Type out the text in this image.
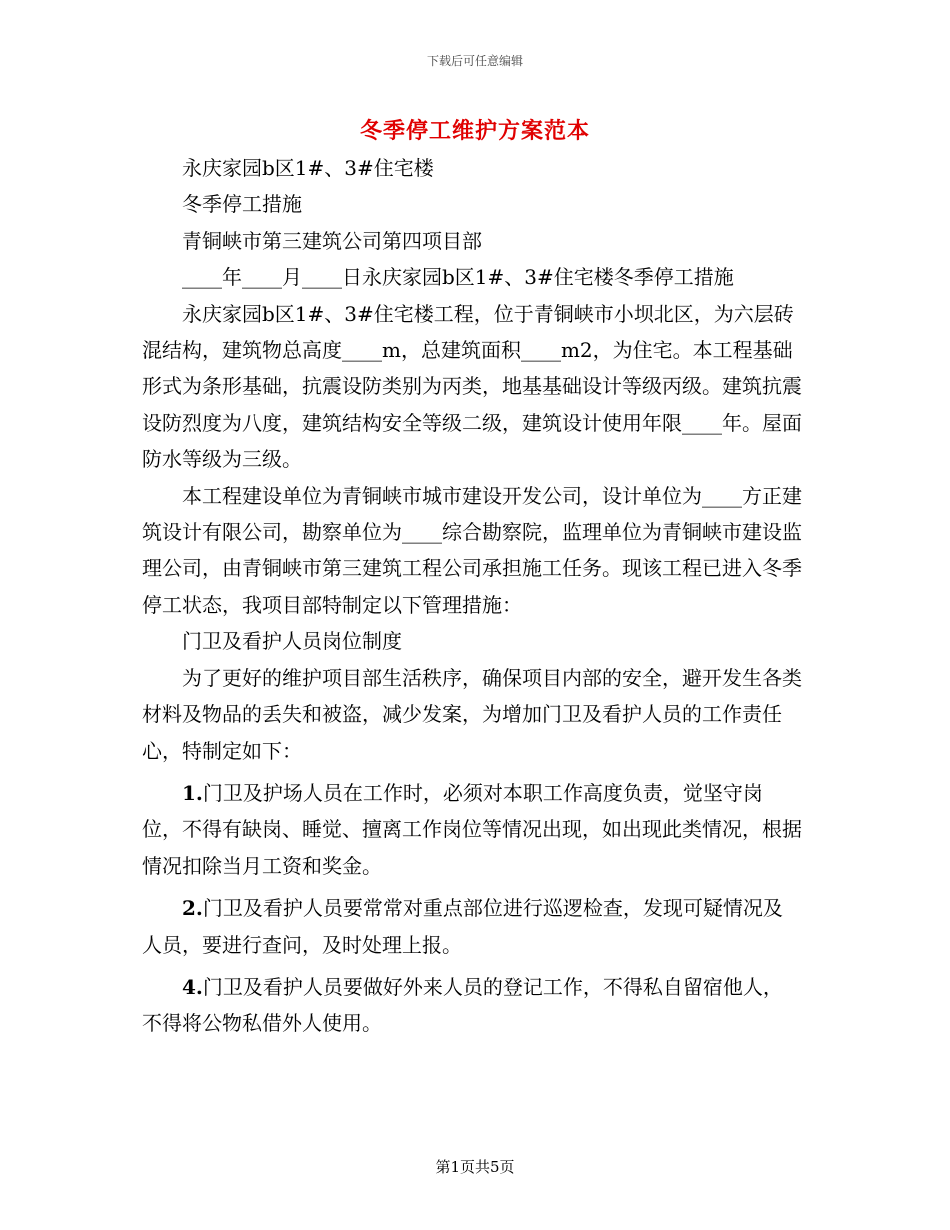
下载后可任意编辑
冬季停工维护方案范本

永庆家园b区1#、3#住宅楼

冬季停工措施

青铜峡市第三建筑公司第四项目部

____年____月____日永庆家园b区1#、3#住宅楼冬季停工措施

永庆家园b区1#、3#住宅楼工程，位于青铜峡市小坝北区，为六层砖混结构，建筑物总高度____m，总建筑面积____m2，为住宅。本工程基础形式为条形基础，抗震设防类别为丙类，地基基础设计等级丙级。建筑抗震设防烈度为八度，建筑结构安全等级二级，建筑设计使用年限____年。屋面防水等级为三级。

本工程建设单位为青铜峡市城市建设开发公司，设计单位为____方正建筑设计有限公司，勘察单位为____综合勘察院，监理单位为青铜峡市建设监理公司，由青铜峡市第三建筑工程公司承担施工任务。现该工程已进入冬季停工状态，我项目部特制定以下管理措施：

门卫及看护人员岗位制度

为了更好的维护项目部生活秩序，确保项目内部的安全，避开发生各类材料及物品的丢失和被盗，减少发案，为增加门卫及看护人员的工作责任心，特制定如下：

1.门卫及护场人员在工作时，必须对本职工作高度负责，觉坚守岗位，不得有缺岗、睡觉、擅离工作岗位等情况出现，如出现此类情况，根据情况扣除当月工资和奖金。

2.门卫及看护人员要常常对重点部位进行巡逻检查，发现可疑情况及人员，要进行查问，及时处理上报。

4.门卫及看护人员要做好外来人员的登记工作，不得私自留宿他人，不得将公物私借外人使用。

第1页共5页
